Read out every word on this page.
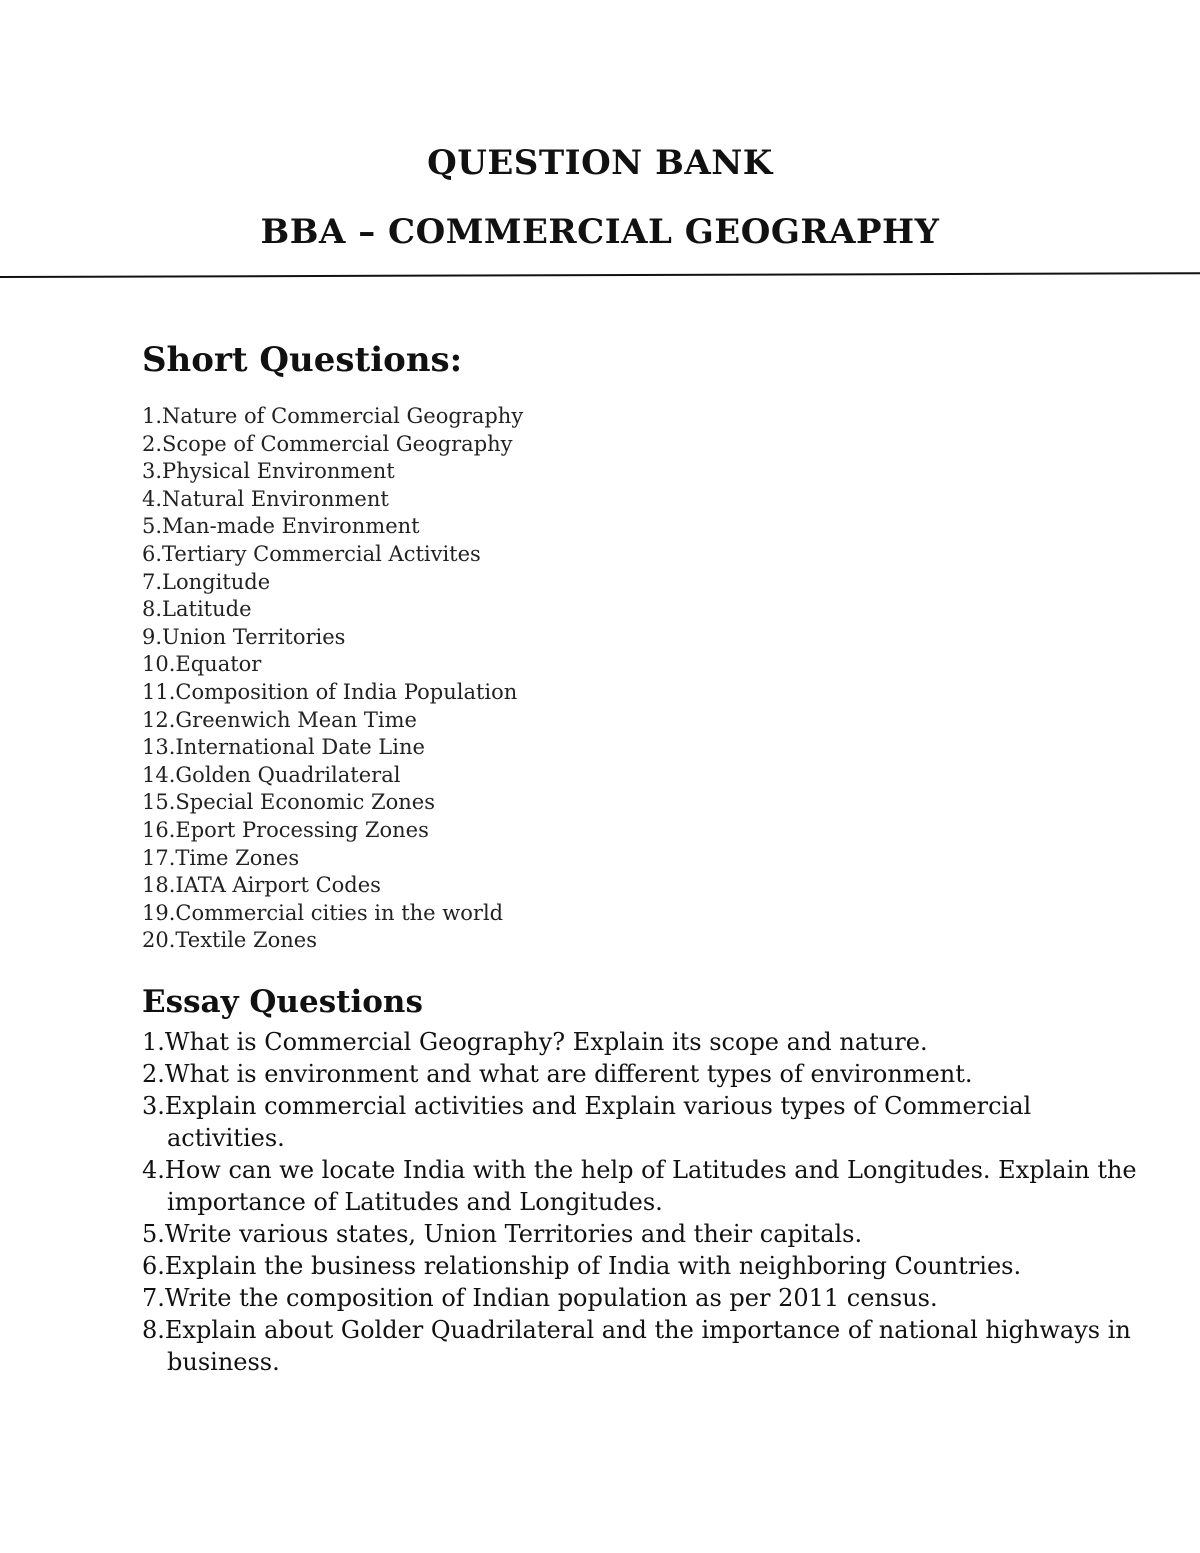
QUESTION BANK
BBA – COMMERCIAL GEOGRAPHY
Short Questions:
1.Nature of Commercial Geography
2.Scope of Commercial Geography
3.Physical Environment
4.Natural Environment
5.Man-made Environment
6.Tertiary Commercial Activites
7.Longitude
8.Latitude
9.Union Territories
10.Equator
11.Composition of India Population
12.Greenwich Mean Time
13.International Date Line
14.Golden Quadrilateral
15.Special Economic Zones
16.Eport Processing Zones
17.Time Zones
18.IATA Airport Codes
19.Commercial cities in the world
20.Textile Zones
Essay Questions
1.What is Commercial Geography? Explain its scope and nature.
2.What is environment and what are different types of environment.
3.Explain commercial activities and Explain various types of Commercial activities.
4.How can we locate India with the help of Latitudes and Longitudes. Explain the importance of Latitudes and Longitudes.
5.Write various states, Union Territories and their capitals.
6.Explain the business relationship of India with neighboring Countries.
7.Write the composition of Indian population as per 2011 census.
8.Explain about Golder Quadrilateral and the importance of national highways in business.
